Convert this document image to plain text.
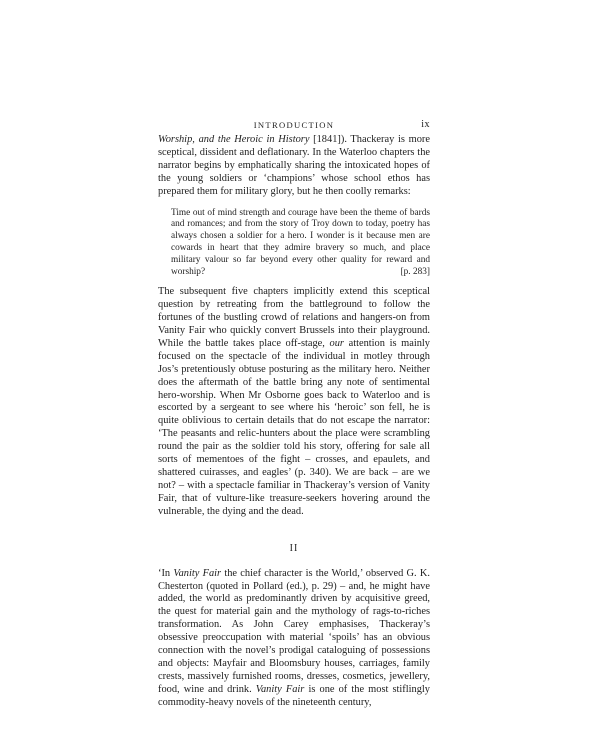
INTRODUCTION	ix

Worship, and the Heroic in History [1841]). Thackeray is more sceptical, dissident and deflationary. In the Waterloo chapters the narrator begins by emphatically sharing the intoxicated hopes of the young soldiers or ‘champions’ whose school ethos has prepared them for military glory, but he then coolly remarks:

Time out of mind strength and courage have been the theme of bards and romances; and from the story of Troy down to today, poetry has always chosen a soldier for a hero. I wonder is it because men are cowards in heart that they admire bravery so much, and place military valour so far beyond every other quality for reward and worship?	[p. 283]

The subsequent five chapters implicitly extend this sceptical question by retreating from the battleground to follow the fortunes of the bustling crowd of relations and hangers-on from Vanity Fair who quickly convert Brussels into their playground. While the battle takes place off-stage, our attention is mainly focused on the spectacle of the individual in motley through Jos’s pretentiously obtuse posturing as the military hero. Neither does the aftermath of the battle bring any note of sentimental hero-worship. When Mr Osborne goes back to Waterloo and is escorted by a sergeant to see where his ‘heroic’ son fell, he is quite oblivious to certain details that do not escape the narrator: ‘The peasants and relic-hunters about the place were scrambling round the pair as the soldier told his story, offering for sale all sorts of mementoes of the fight – crosses, and epaulets, and shattered cuirasses, and eagles’ (p. 340). We are back – are we not? – with a spectacle familiar in Thackeray’s version of Vanity Fair, that of vulture-like treasure-seekers hovering around the vulnerable, the dying and the dead.

II

‘In Vanity Fair the chief character is the World,’ observed G. K. Chesterton (quoted in Pollard (ed.), p. 29) – and, he might have added, the world as predominantly driven by acquisitive greed, the quest for material gain and the mythology of rags-to-riches transformation. As John Carey emphasises, Thackeray’s obsessive preoccupation with material ‘spoils’ has an obvious connection with the novel’s prodigal cataloguing of possessions and objects: Mayfair and Bloomsbury houses, carriages, family crests, massively furnished rooms, dresses, cosmetics, jewellery, food, wine and drink. Vanity Fair is one of the most stiflingly commodity-heavy novels of the nineteenth century,
